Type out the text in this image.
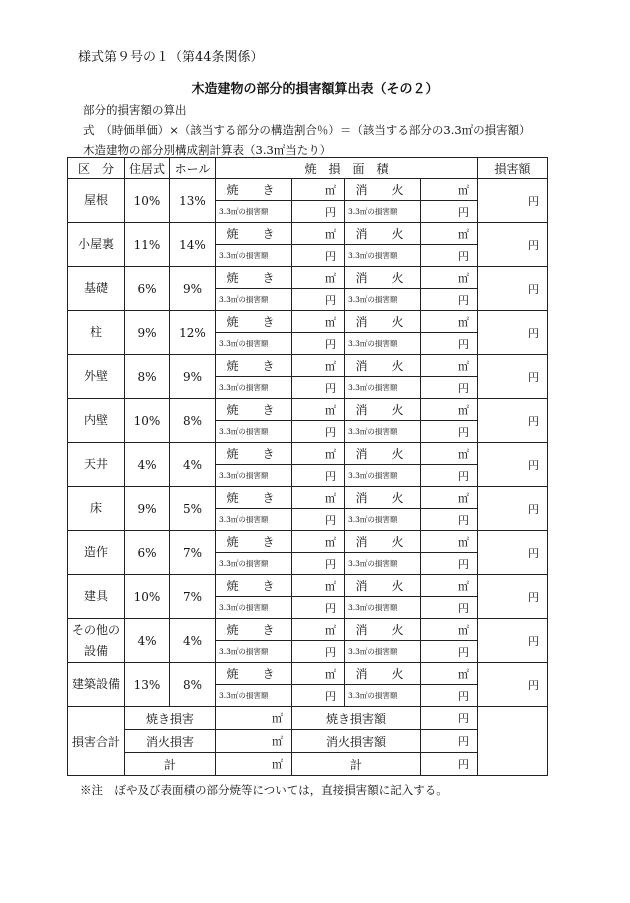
様式第９号の１（第44条関係）
木造建物の部分的損害額算出表（その２）
部分的損害額の算出
式　（時価単価）×（該当する部分の構造割合％）＝（該当する部分の3.3㎡の損害額）
木造建物の部分別構成割計算表（3.3㎡当たり）
区　分	住居式	ホール	焼　損　面　積				損害額
屋根	10%	13%	焼　き	㎡	消　火	㎡	円
			3.3㎡の損害額	円	3.3㎡の損害額	円	
小屋裏	11%	14%	焼　き	㎡	消　火	㎡	円
			3.3㎡の損害額	円	3.3㎡の損害額	円	
基礎	6%	9%	焼　き	㎡	消　火	㎡	円
			3.3㎡の損害額	円	3.3㎡の損害額	円	
柱	9%	12%	焼　き	㎡	消　火	㎡	円
			3.3㎡の損害額	円	3.3㎡の損害額	円	
外壁	8%	9%	焼　き	㎡	消　火	㎡	円
			3.3㎡の損害額	円	3.3㎡の損害額	円	
内壁	10%	8%	焼　き	㎡	消　火	㎡	円
			3.3㎡の損害額	円	3.3㎡の損害額	円	
天井	4%	4%	焼　き	㎡	消　火	㎡	円
			3.3㎡の損害額	円	3.3㎡の損害額	円	
床	9%	5%	焼　き	㎡	消　火	㎡	円
			3.3㎡の損害額	円	3.3㎡の損害額	円	
造作	6%	7%	焼　き	㎡	消　火	㎡	円
			3.3㎡の損害額	円	3.3㎡の損害額	円	
建具	10%	7%	焼　き	㎡	消　火	㎡	円
			3.3㎡の損害額	円	3.3㎡の損害額	円	
その他の
設備	4%	4%	焼　き	㎡	消　火	㎡	円
			3.3㎡の損害額	円	3.3㎡の損害額	円	
建築設備	13%	8%	焼　き	㎡	消　火	㎡	円
			3.3㎡の損害額	円	3.3㎡の損害額	円	
損害合計	焼き損害		㎡	焼き損害額		円	
	消火損害		㎡	消火損害額		円	
	計		㎡	計		円	
※注　ぼや及び表面積の部分焼等については，直接損害額に記入する。
